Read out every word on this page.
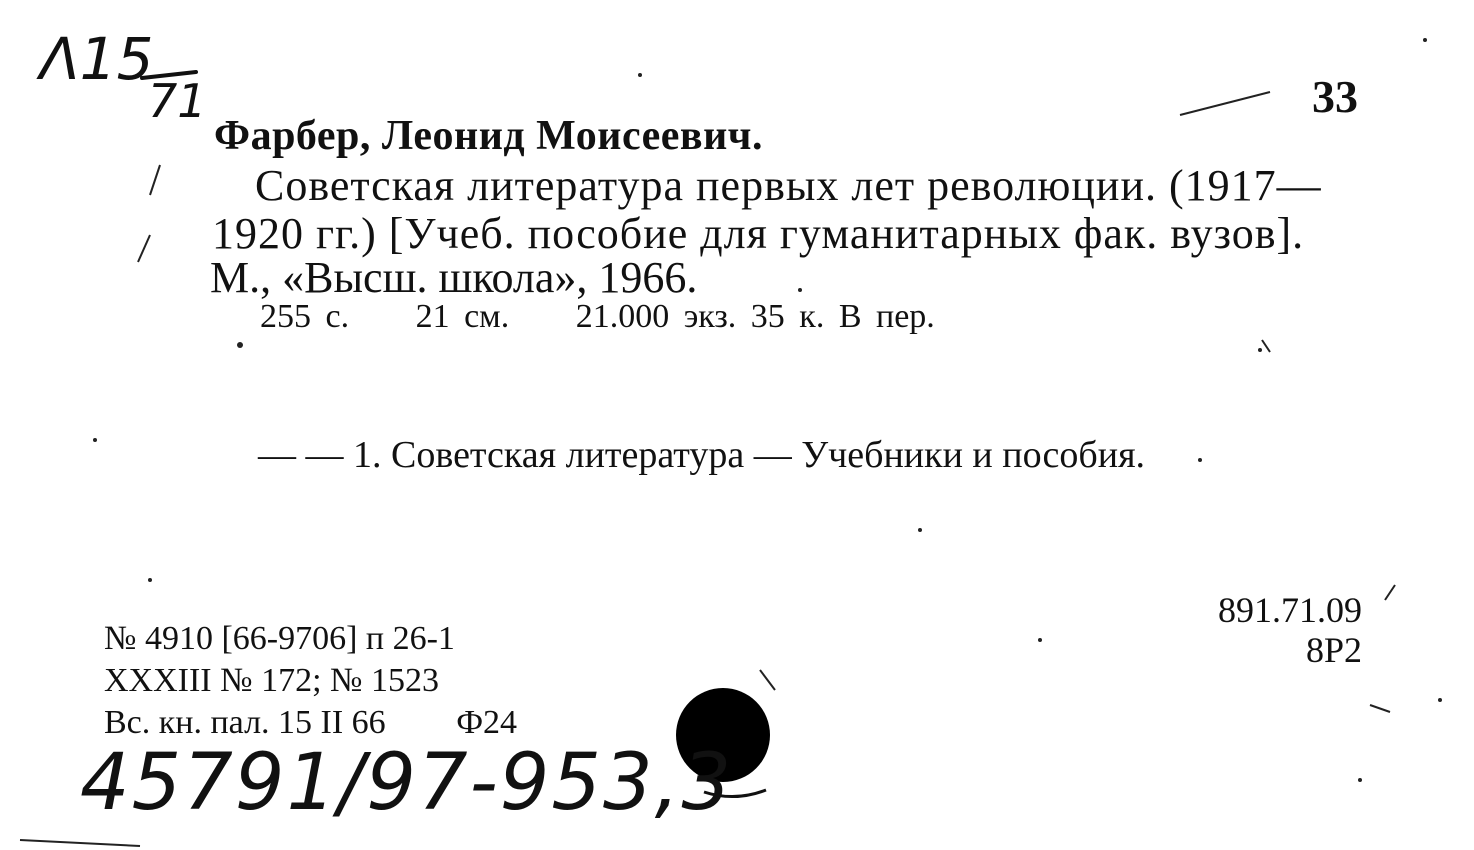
Λ15
71	33
Фарбер, Леонид Моисеевич.
Советская литература первых лет революции. (1917—
1920 гг.) [Учеб. пособие для гуманитарных фак. вузов].
М., «Высш. школа», 1966.
255 с. 21 см. 21.000 экз. 35 к. В пер.
— — 1. Советская литература — Учебники и пособия.
891.71.09
8Р2
№ 4910 [66-9706] п 26-1
XXXIII № 172; № 1523
Вс. кн. пал. 15 II 66 Ф24
45791/97-953,3
